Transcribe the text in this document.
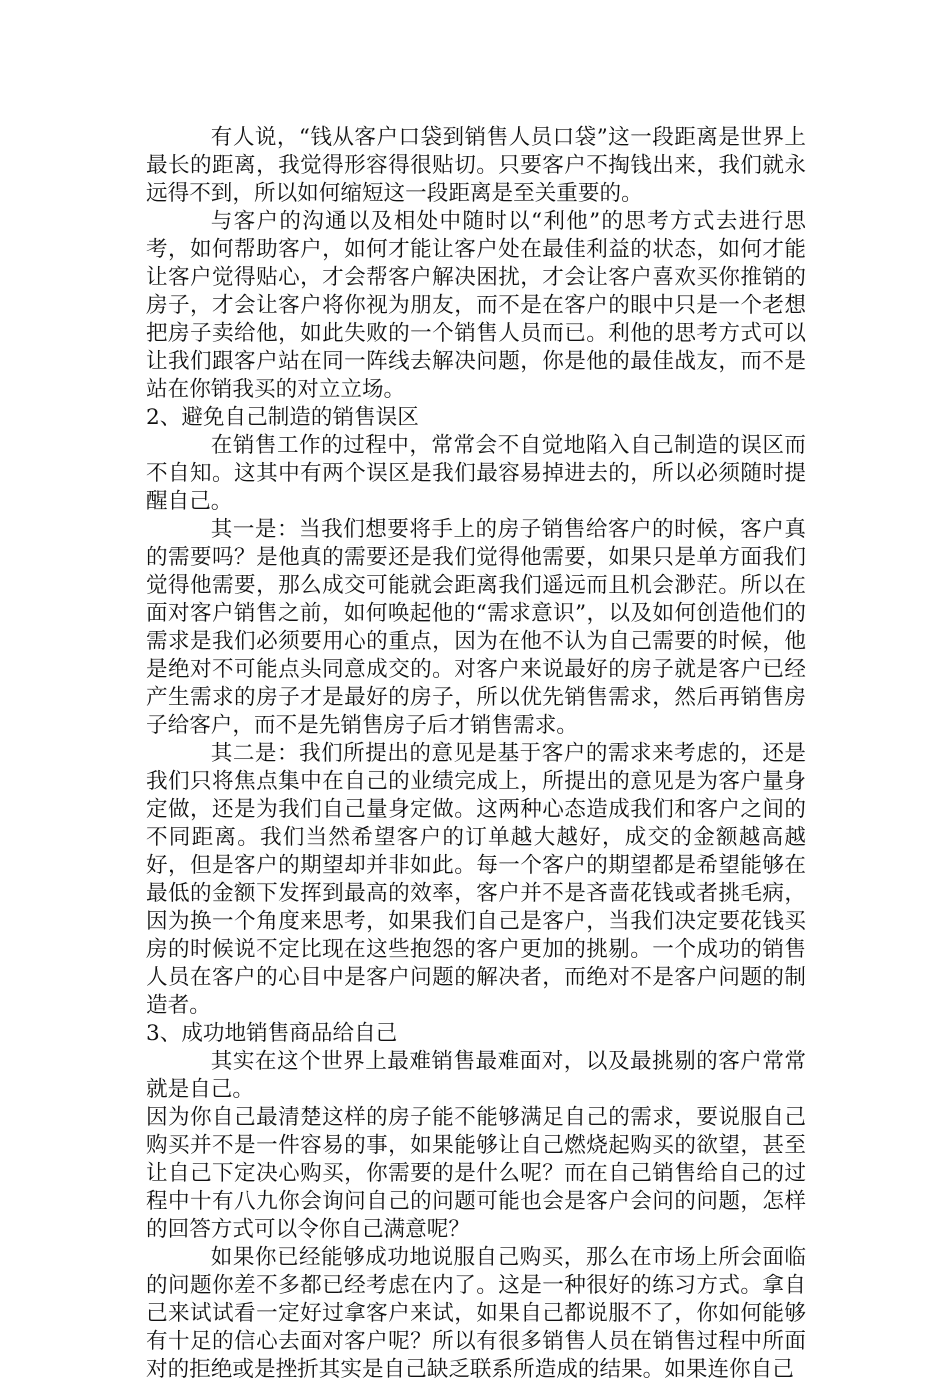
有人说，“钱从客户口袋到销售人员口袋”这一段距离是世界上最长的距离，我觉得形容得很贴切。只要客户不掏钱出来，我们就永远得不到，所以如何缩短这一段距离是至关重要的。

与客户的沟通以及相处中随时以“利他”的思考方式去进行思考，如何帮助客户，如何才能让客户处在最佳利益的状态，如何才能让客户觉得贴心，才会帮客户解决困扰，才会让客户喜欢买你推销的房子，才会让客户将你视为朋友，而不是在客户的眼中只是一个老想把房子卖给他，如此失败的一个销售人员而已。利他的思考方式可以让我们跟客户站在同一阵线去解决问题，你是他的最佳战友，而不是站在你销我买的对立立场。

2、避免自己制造的销售误区

在销售工作的过程中，常常会不自觉地陷入自己制造的误区而不自知。这其中有两个误区是我们最容易掉进去的，所以必须随时提醒自己。

其一是：当我们想要将手上的房子销售给客户的时候，客户真的需要吗？是他真的需要还是我们觉得他需要，如果只是单方面我们觉得他需要，那么成交可能就会距离我们遥远而且机会渺茫。所以在面对客户销售之前，如何唤起他的“需求意识”，以及如何创造他们的需求是我们必须要用心的重点，因为在他不认为自己需要的时候，他是绝对不可能点头同意成交的。对客户来说最好的房子就是客户已经产生需求的房子才是最好的房子，所以优先销售需求，然后再销售房子给客户，而不是先销售房子后才销售需求。

其二是：我们所提出的意见是基于客户的需求来考虑的，还是我们只将焦点集中在自己的业绩完成上，所提出的意见是为客户量身定做，还是为我们自己量身定做。这两种心态造成我们和客户之间的不同距离。我们当然希望客户的订单越大越好，成交的金额越高越好，但是客户的期望却并非如此。每一个客户的期望都是希望能够在最低的金额下发挥到最高的效率，客户并不是吝啬花钱或者挑毛病，因为换一个角度来思考，如果我们自己是客户，当我们决定要花钱买房的时候说不定比现在这些抱怨的客户更加的挑剔。一个成功的销售人员在客户的心目中是客户问题的解决者，而绝对不是客户问题的制造者。

3、成功地销售商品给自己

其实在这个世界上最难销售最难面对，以及最挑剔的客户常常就是自己。

因为你自己最清楚这样的房子能不能够满足自己的需求，要说服自己购买并不是一件容易的事，如果能够让自己燃烧起购买的欲望，甚至让自己下定决心购买，你需要的是什么呢？而在自己销售给自己的过程中十有八九你会询问自己的问题可能也会是客户会问的问题，怎样的回答方式可以令你自己满意呢？

如果你已经能够成功地说服自己购买，那么在市场上所会面临的问题你差不多都已经考虑在内了。这是一种很好的练习方式。拿自己来试试看一定好过拿客户来试，如果自己都说服不了，你如何能够有十足的信心去面对客户呢？所以有很多销售人员在销售过程中所面对的拒绝或是挫折其实是自己缺乏联系所造成的结果。如果连你自己
